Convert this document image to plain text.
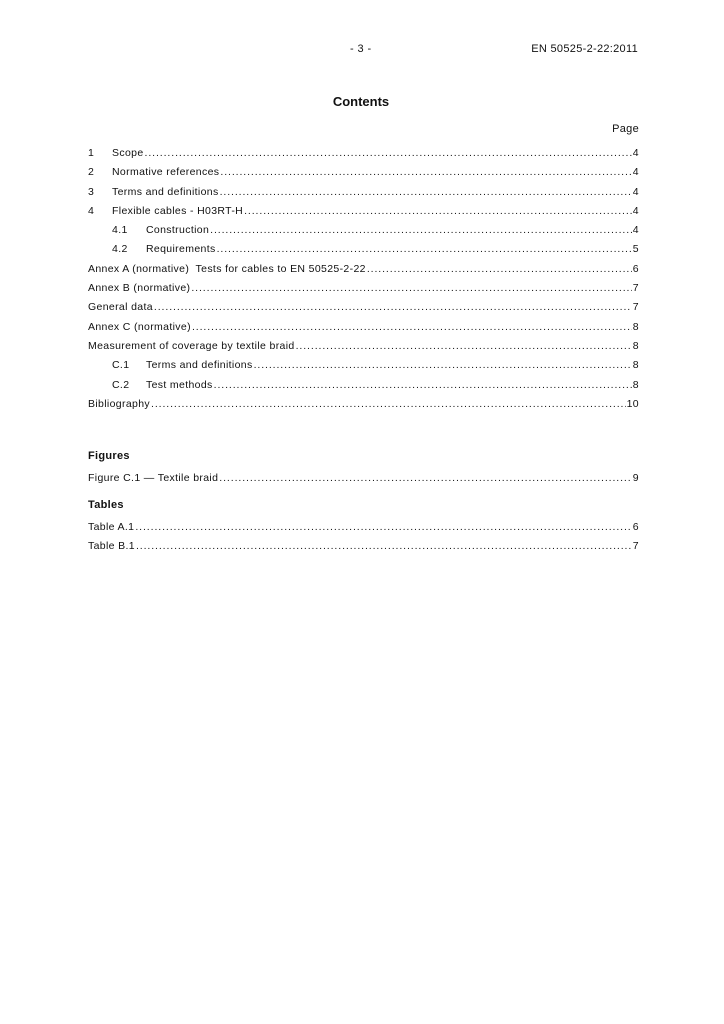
- 3 -	EN 50525-2-22:2011
Contents
Page
1	Scope .....	4
2	Normative references .....	4
3	Terms and definitions .....	4
4	Flexible cables - H03RT-H .....	4
4.1	Construction .....	4
4.2	Requirements .....	5
Annex A (normative)  Tests for cables to EN 50525-2-22 .....	6
Annex B (normative) .....	7
General data .....	7
Annex C (normative) .....	8
Measurement of coverage by textile braid .....	8
C.1	Terms and definitions .....	8
C.2	Test methods .....	8
Bibliography .....	10
Figures
Figure C.1 — Textile braid .....	9
Tables
Table A.1 .....	6
Table B.1 .....	7
